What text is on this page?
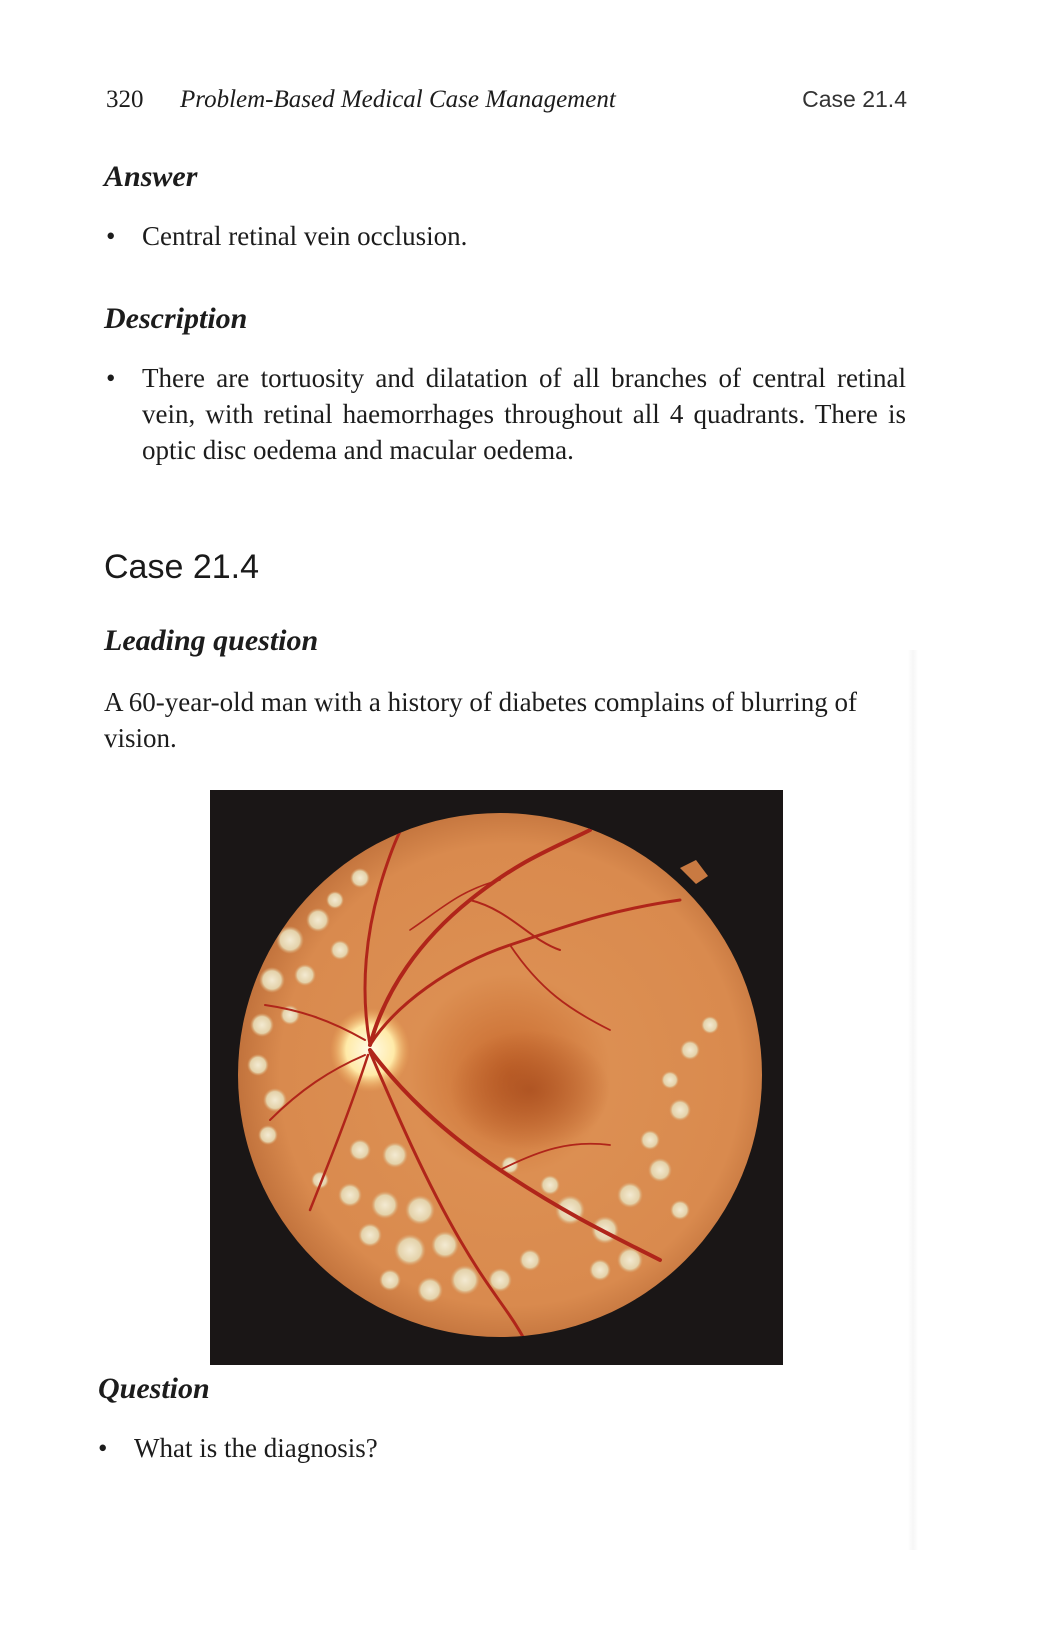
320 Problem-Based Medical Case Management	Case 21.4
Answer
• Central retinal vein occlusion.
Description
• There are tortuosity and dilatation of all branches of central retinal vein, with retinal haemorrhages throughout all 4 quadrants. There is optic disc oedema and macular oedema.
Case 21.4
Leading question
A 60-year-old man with a history of diabetes complains of blurring of vision.
Question
• What is the diagnosis?
